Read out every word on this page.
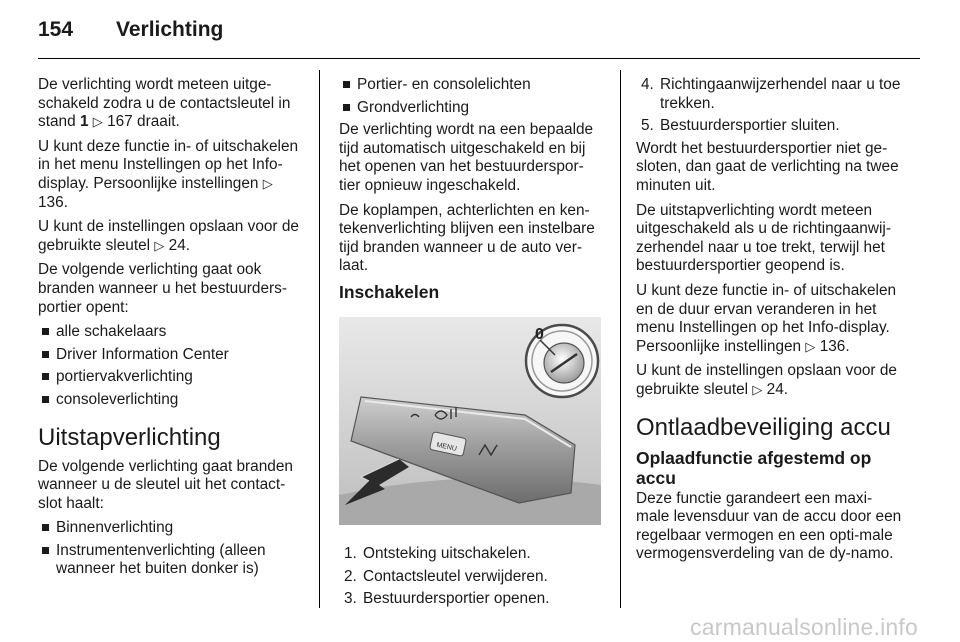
154	Verlichting

De verlichting wordt meteen uitge-schakeld zodra u de contactsleutel in stand 1 ▷ 167 draait.

U kunt deze functie in- of uitschakelen in het menu Instellingen op het Info-display. Persoonlijke instellingen ▷ 136.

U kunt de instellingen opslaan voor de gebruikte sleutel ▷ 24.

De volgende verlichting gaat ook branden wanneer u het bestuurders-portier opent:

alle schakelaars
Driver Information Center
portiervakverlichting
consoleverlichting
Uitstapverlichting

De volgende verlichting gaat branden wanneer u de sleutel uit het contact-slot haalt:

Binnenverlichting
Instrumentenverlichting (alleen wanneer het buiten donker is)
Portier- en consolelichten
Grondverlichting

De verlichting wordt na een bepaalde tijd automatisch uitgeschakeld en bij het openen van het bestuurderspor-tier opnieuw ingeschakeld.

De koplampen, achterlichten en ken-tekenverlichting blijven een instelbare tijd branden wanneer u de auto ver-laat.

Inschakelen
MENU
0
1. Ontsteking uitschakelen.
2. Contactsleutel verwijderen.
3. Bestuurdersportier openen.
4. Richtingaanwijzerhendel naar u toe trekken.
5. Bestuurdersportier sluiten.

Wordt het bestuurdersportier niet ge-sloten, dan gaat de verlichting na twee minuten uit.

De uitstapverlichting wordt meteen uitgeschakeld als u de richtingaanwij-zerhendel naar u toe trekt, terwijl het bestuurdersportier geopend is.

U kunt deze functie in- of uitschakelen en de duur ervan veranderen in het menu Instellingen op het Info-display. Persoonlijke instellingen ▷ 136.

U kunt de instellingen opslaan voor de gebruikte sleutel ▷ 24.

Ontlaadbeveiliging accu
Oplaadfunctie afgestemd op accu

Deze functie garandeert een maxi-male levensduur van de accu door een regelbaar vermogen en een opti-male vermogensverdeling van de dy-namo.

carmanualsonline.info
